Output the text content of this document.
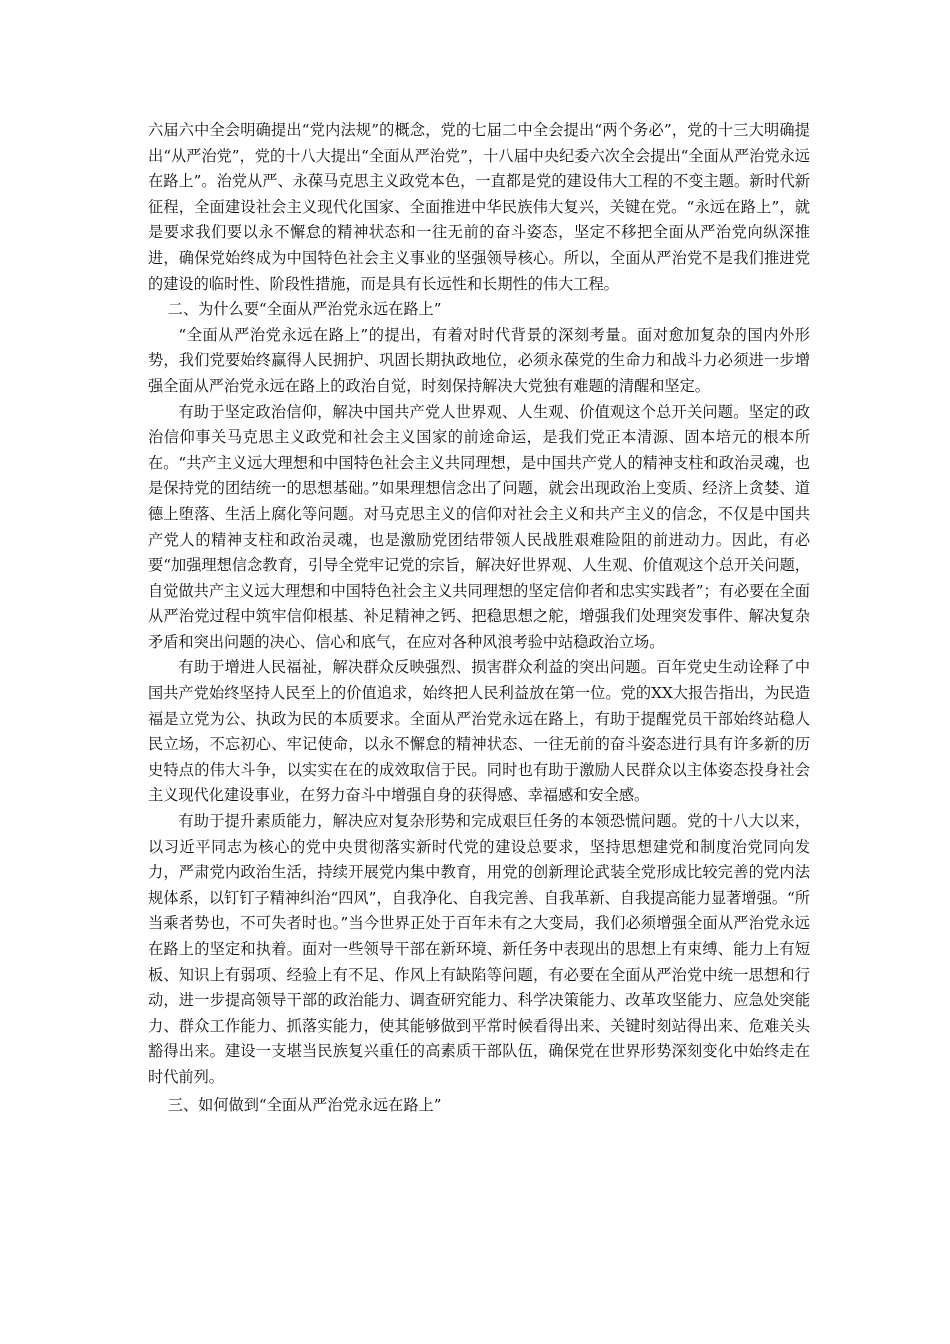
六届六中全会明确提出“党内法规”的概念，党的七届二中全会提出“两个务必”，党的十三大明确提出“从严治党”，党的十八大提出“全面从严治党”，十八届中央纪委六次全会提出“全面从严治党永远在路上”。治党从严、永葆马克思主义政党本色，一直都是党的建设伟大工程的不变主题。新时代新征程，全面建设社会主义现代化国家、全面推进中华民族伟大复兴，关键在党。“永远在路上”，就是要求我们要以永不懈怠的精神状态和一往无前的奋斗姿态，坚定不移把全面从严治党向纵深推进，确保党始终成为中国特色社会主义事业的坚强领导核心。所以，全面从严治党不是我们推进党的建设的临时性、阶段性措施，而是具有长远性和长期性的伟大工程。

二、为什么要“全面从严治党永远在路上”

“全面从严治党永远在路上”的提出，有着对时代背景的深刻考量。面对愈加复杂的国内外形势，我们党要始终赢得人民拥护、巩固长期执政地位，必须永葆党的生命力和战斗力必须进一步增强全面从严治党永远在路上的政治自觉，时刻保持解决大党独有难题的清醒和坚定。

有助于坚定政治信仰，解决中国共产党人世界观、人生观、价值观这个总开关问题。坚定的政治信仰事关马克思主义政党和社会主义国家的前途命运，是我们党正本清源、固本培元的根本所在。“共产主义远大理想和中国特色社会主义共同理想，是中国共产党人的精神支柱和政治灵魂，也是保持党的团结统一的思想基础。”如果理想信念出了问题，就会出现政治上变质、经济上贪婪、道德上堕落、生活上腐化等问题。对马克思主义的信仰对社会主义和共产主义的信念，不仅是中国共产党人的精神支柱和政治灵魂，也是激励党团结带领人民战胜艰难险阻的前进动力。因此，有必要“加强理想信念教育，引导全党牢记党的宗旨，解决好世界观、人生观、价值观这个总开关问题，自觉做共产主义远大理想和中国特色社会主义共同理想的坚定信仰者和忠实实践者”；有必要在全面从严治党过程中筑牢信仰根基、补足精神之钙、把稳思想之舵，增强我们处理突发事件、解决复杂矛盾和突出问题的决心、信心和底气，在应对各种风浪考验中站稳政治立场。

有助于增进人民福祉，解决群众反映强烈、损害群众利益的突出问题。百年党史生动诠释了中国共产党始终坚持人民至上的价值追求，始终把人民利益放在第一位。党的XX大报告指出，为民造福是立党为公、执政为民的本质要求。全面从严治党永远在路上，有助于提醒党员干部始终站稳人民立场，不忘初心、牢记使命，以永不懈怠的精神状态、一往无前的奋斗姿态进行具有许多新的历史特点的伟大斗争，以实实在在的成效取信于民。同时也有助于激励人民群众以主体姿态投身社会主义现代化建设事业，在努力奋斗中增强自身的获得感、幸福感和安全感。

有助于提升素质能力，解决应对复杂形势和完成艰巨任务的本领恐慌问题。党的十八大以来，以习近平同志为核心的党中央贯彻落实新时代党的建设总要求，坚持思想建党和制度治党同向发力，严肃党内政治生活，持续开展党内集中教育，用党的创新理论武装全党形成比较完善的党内法规体系，以钉钉子精神纠治“四风”，自我净化、自我完善、自我革新、自我提高能力显著增强。“所当乘者势也，不可失者时也。”当今世界正处于百年未有之大变局，我们必须增强全面从严治党永远在路上的坚定和执着。面对一些领导干部在新环境、新任务中表现出的思想上有束缚、能力上有短板、知识上有弱项、经验上有不足、作风上有缺陷等问题，有必要在全面从严治党中统一思想和行动，进一步提高领导干部的政治能力、调查研究能力、科学决策能力、改革攻坚能力、应急处突能力、群众工作能力、抓落实能力，使其能够做到平常时候看得出来、关键时刻站得出来、危难关头豁得出来。建设一支堪当民族复兴重任的高素质干部队伍，确保党在世界形势深刻变化中始终走在时代前列。

三、如何做到“全面从严治党永远在路上”
